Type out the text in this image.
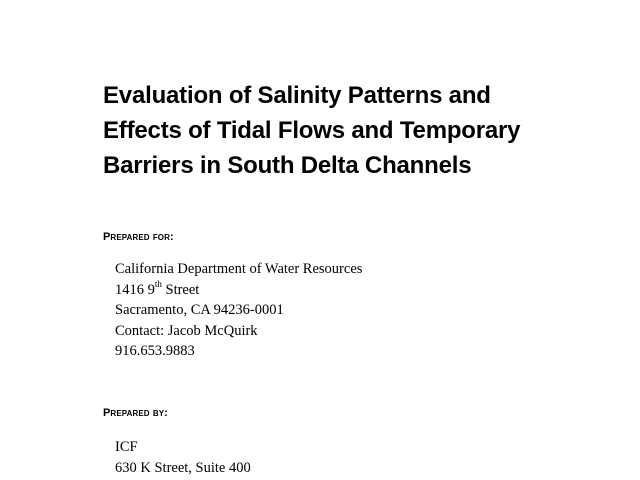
Evaluation of Salinity Patterns and
Effects of Tidal Flows and Temporary
Barriers in South Delta Channels
Prepared for:
California Department of Water Resources
1416 9th Street
Sacramento, CA 94236-0001
Contact: Jacob McQuirk
916.653.9883
Prepared by:
ICF
630 K Street, Suite 400
